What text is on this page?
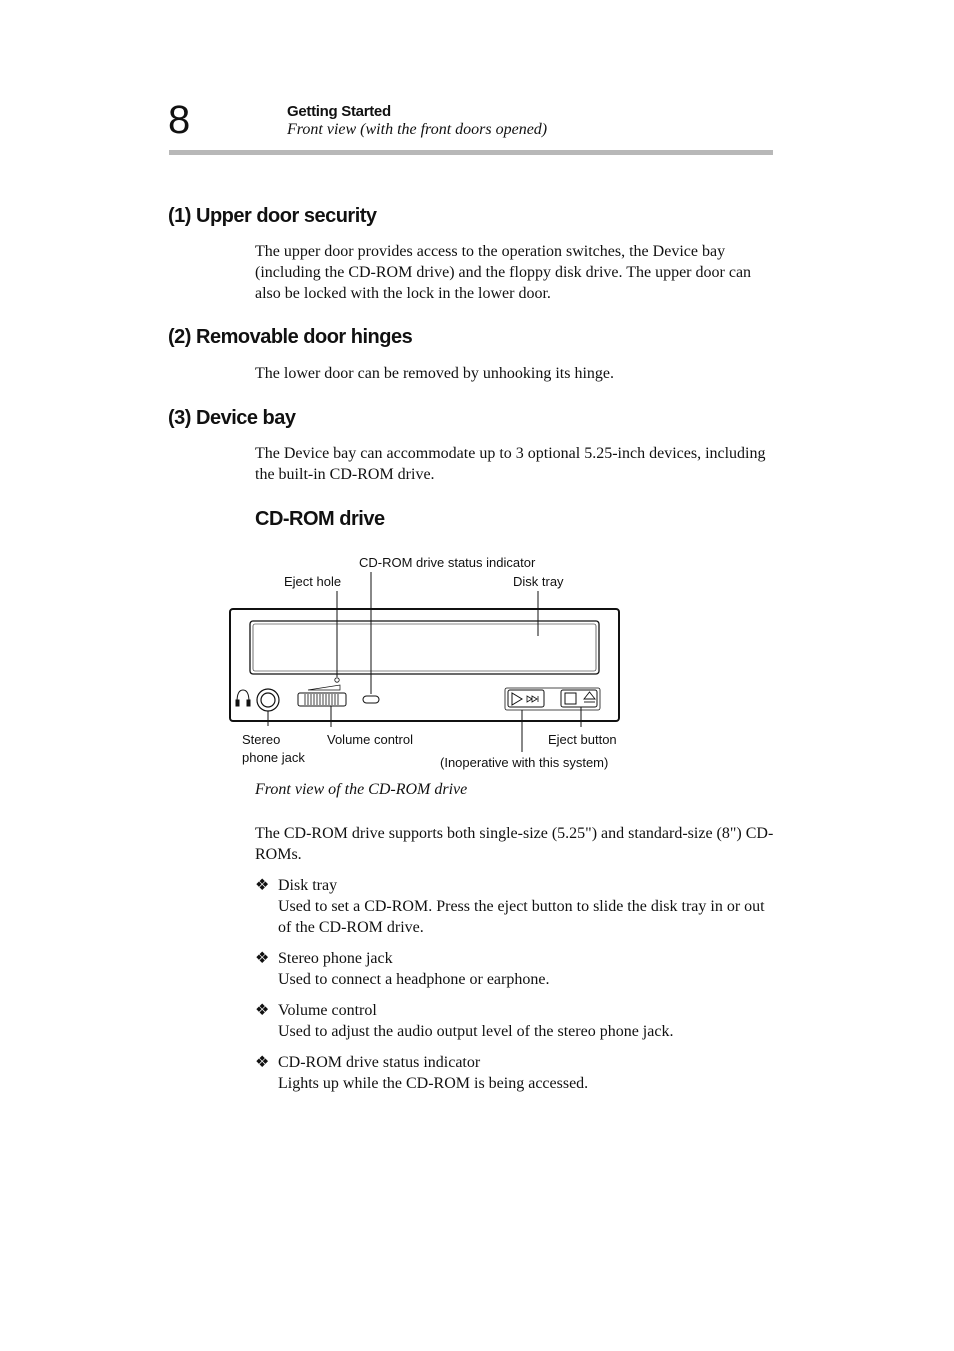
8	Getting Started
Front view (with the front doors opened)
(1) Upper door security
The upper door provides access to the operation switches, the Device bay (including the CD-ROM drive) and the floppy disk drive. The upper door can also be locked with the lock in the lower door.
(2) Removable door hinges
The lower door can be removed by unhooking its hinge.
(3) Device bay
The Device bay can accommodate up to 3 optional 5.25-inch devices, including the built-in CD-ROM drive.
CD-ROM drive
CD-ROM drive status indicator
Eject hole	Disk tray
Stereo
phone jack
Volume control	Eject button
(Inoperative with this system)
Front view of the CD-ROM drive
The CD-ROM drive supports both single-size (5.25") and standard-size (8") CD-ROMs.
❖ Disk tray
Used to set a CD-ROM. Press the eject button to slide the disk tray in or out of the CD-ROM drive.
❖ Stereo phone jack
Used to connect a headphone or earphone.
❖ Volume control
Used to adjust the audio output level of the stereo phone jack.
❖ CD-ROM drive status indicator
Lights up while the CD-ROM is being accessed.
